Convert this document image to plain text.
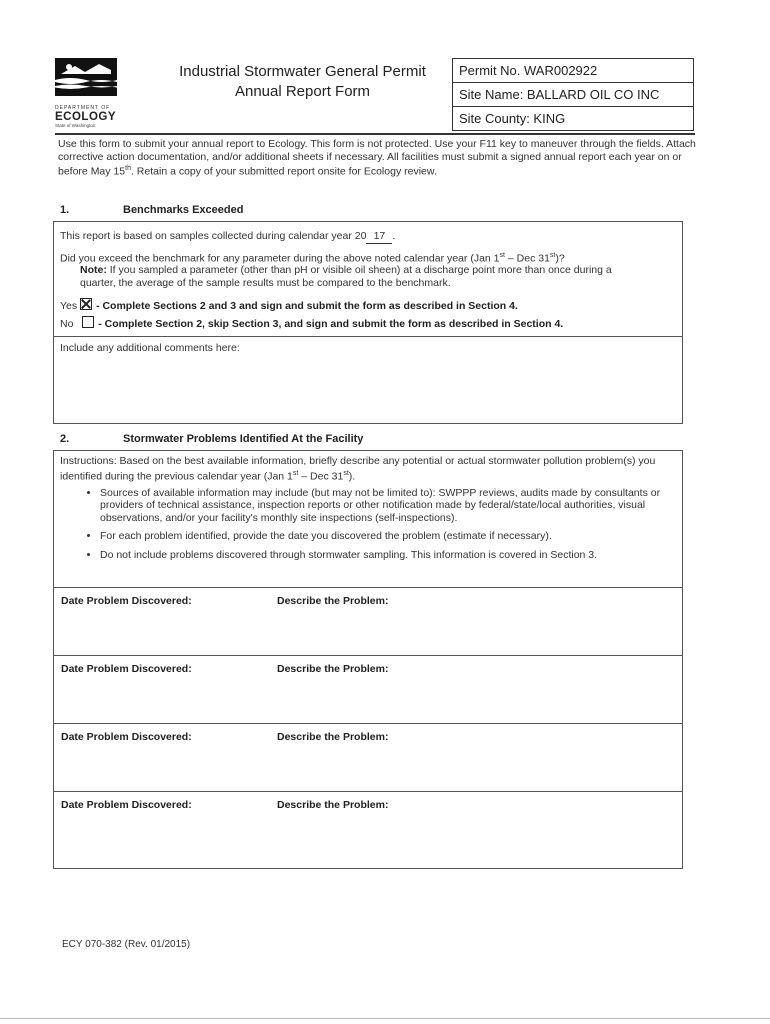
DEPARTMENT OF
ECOLOGY
State of Washington
Industrial Stormwater General Permit
Annual Report Form
Permit No. WAR002922
Site Name: BALLARD OIL CO INC
Site County: KING
Use this form to submit your annual report to Ecology. This form is not protected. Use your F11 key to maneuver through the fields. Attach corrective action documentation, and/or additional sheets if necessary. All facilities must submit a signed annual report each year on or before May 15th. Retain a copy of your submitted report onsite for Ecology review.
1.	Benchmarks Exceeded
This report is based on samples collected during calendar year 20 17 .
Did you exceed the benchmark for any parameter during the above noted calendar year (Jan 1st – Dec 31st)?
Note: If you sampled a parameter (other than pH or visible oil sheen) at a discharge point more than once during a quarter, the average of the sample results must be compared to the benchmark.
Yes - Complete Sections 2 and 3 and sign and submit the form as described in Section 4.
No - Complete Section 2, skip Section 3, and sign and submit the form as described in Section 4.
Include any additional comments here:
2.	Stormwater Problems Identified At the Facility
Instructions: Based on the best available information, briefly describe any potential or actual stormwater pollution problem(s) you identified during the previous calendar year (Jan 1st – Dec 31st).
• Sources of available information may include (but may not be limited to): SWPPP reviews, audits made by consultants or providers of technical assistance, inspection reports or other notification made by federal/state/local authorities, visual observations, and/or your facility's monthly site inspections (self-inspections).
• For each problem identified, provide the date you discovered the problem (estimate if necessary).
• Do not include problems discovered through stormwater sampling. This information is covered in Section 3.
Date Problem Discovered:	Describe the Problem:
Date Problem Discovered:	Describe the Problem:
Date Problem Discovered:	Describe the Problem:
Date Problem Discovered:	Describe the Problem:
ECY 070-382 (Rev. 01/2015)
